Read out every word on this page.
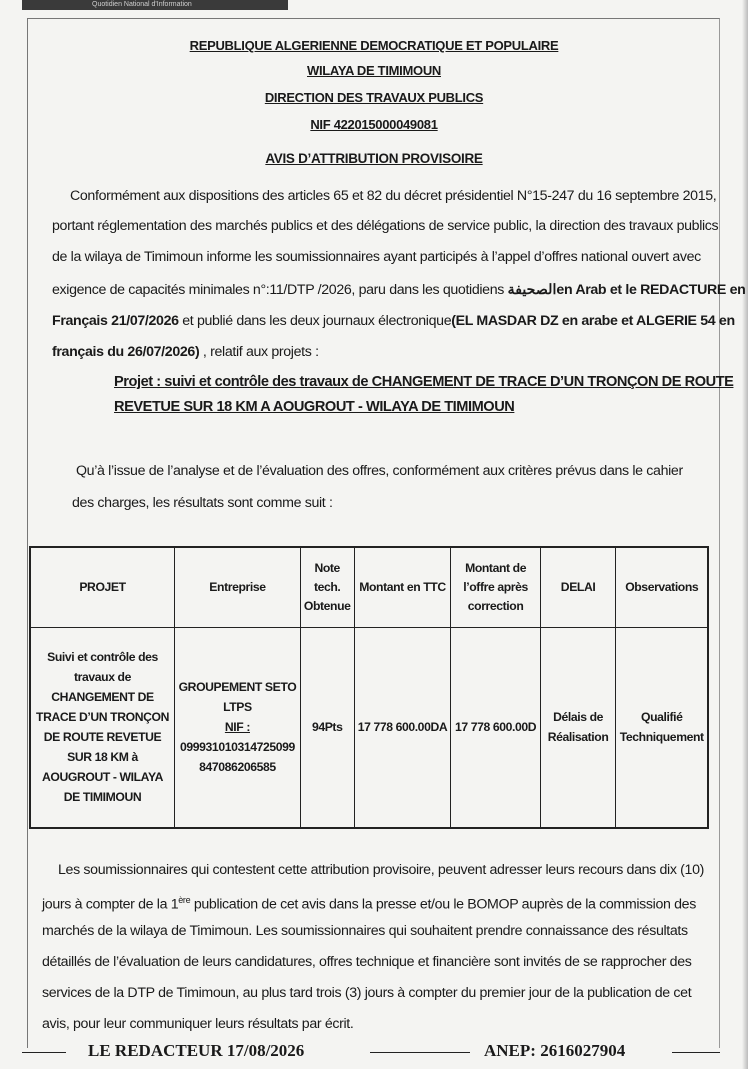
Quotidien National d'Information
REPUBLIQUE ALGERIENNE DEMOCRATIQUE ET POPULAIRE
WILAYA DE TIMIMOUN
DIRECTION DES TRAVAUX PUBLICS
NIF 422015000049081
AVIS D’ATTRIBUTION PROVISOIRE
Conformément aux dispositions des articles 65 et 82 du décret présidentiel N°15-247 du 16 septembre 2015,
portant réglementation des marchés publics et des délégations de service public, la direction des travaux publics
de la wilaya de Timimoun informe les soumissionnaires ayant participés à l’appel d’offres national ouvert avec
exigence de capacités minimales n°:11/DTP /2026, paru dans les quotidiens الصحيفةen Arab et le REDACTURE en
Français 21/07/2026 et publié dans les deux journaux électronique(EL MASDAR DZ en arabe et ALGERIE 54 en
français du 26/07/2026) , relatif aux projets :
Projet : suivi et contrôle des travaux de CHANGEMENT DE TRACE D’UN TRONÇON DE ROUTE
REVETUE SUR 18 KM A AOUGROUT - WILAYA DE TIMIMOUN
Qu’à l’issue de l’analyse et de l’évaluation des offres, conformément aux critères prévus dans le cahier
des charges, les résultats sont comme suit :
PROJET	Entreprise	Note tech. Obtenue	Montant en TTC	Montant de l’offre après correction	DELAI	Observations
Suivi et contrôle des travaux de CHANGEMENT DE TRACE D’UN TRONÇON DE ROUTE REVETUE SUR 18 KM à AOUGROUT - WILAYA DE TIMIMOUN	GROUPEMENT SETO LTPS
NIF :
099931010314725099 847086206585	94Pts	17 778 600.00DA	17 778 600.00D	Délais de Réalisation	Qualifié Techniquement
Les soumissionnaires qui contestent cette attribution provisoire, peuvent adresser leurs recours dans dix (10)
jours à compter de la 1ère publication de cet avis dans la presse et/ou le BOMOP auprès de la commission des
marchés de la wilaya de Timimoun. Les soumissionnaires qui souhaitent prendre connaissance des résultats
détaillés de l’évaluation de leurs candidatures, offres technique et financière sont invités de se rapprocher des
services de la DTP de Timimoun, au plus tard trois (3) jours à compter du premier jour de la publication de cet
avis, pour leur communiquer leurs résultats par écrit.
LE REDACTEUR 17/08/2026	ANEP: 2616027904
